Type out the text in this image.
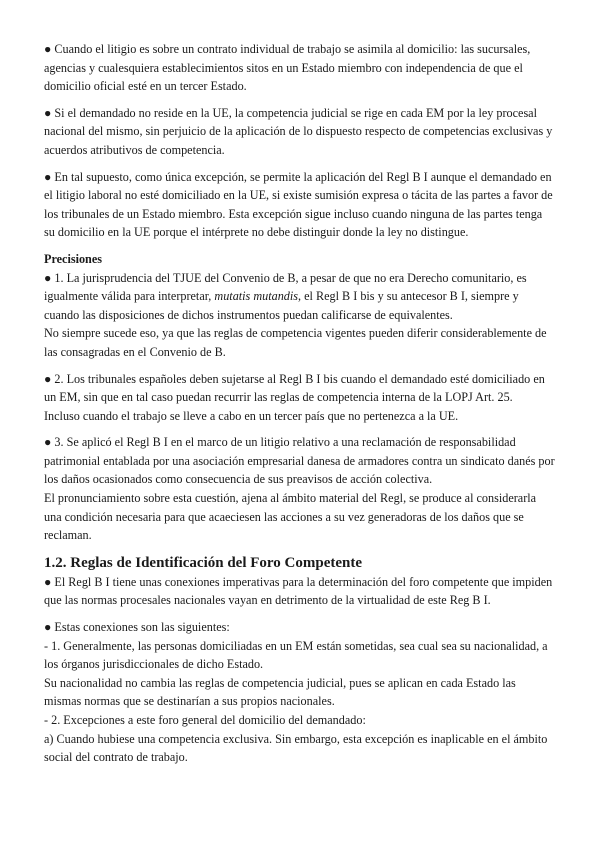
● Cuando el litigio es sobre un contrato individual de trabajo se asimila al domicilio: las sucursales, agencias y cualesquiera establecimientos sitos en un Estado miembro con independencia de que el domicilio oficial esté en un tercer Estado.

● Si el demandado no reside en la UE, la competencia judicial se rige en cada EM por la ley procesal nacional del mismo, sin perjuicio de la aplicación de lo dispuesto respecto de competencias exclusivas y acuerdos atributivos de competencia.

● En tal supuesto, como única excepción, se permite la aplicación del Regl B I aunque el demandado en el litigio laboral no esté domiciliado en la UE, si existe sumisión expresa o tácita de las partes a favor de los tribunales de un Estado miembro. Esta excepción sigue incluso cuando ninguna de las partes tenga su domicilio en la UE porque el intérprete no debe distinguir donde la ley no distingue.

Precisiones

● 1. La jurisprudencia del TJUE del Convenio de B, a pesar de que no era Derecho comunitario, es igualmente válida para interpretar, mutatis mutandis, el Regl B I bis y su antecesor B I, siempre y cuando las disposiciones de dichos instrumentos puedan calificarse de equivalentes.

No siempre sucede eso, ya que las reglas de competencia vigentes pueden diferir considerablemente de las consagradas en el Convenio de B.

● 2. Los tribunales españoles deben sujetarse al Regl B I bis cuando el demandado esté domiciliado en un EM, sin que en tal caso puedan recurrir las reglas de competencia interna de la LOPJ Art. 25.

Incluso cuando el trabajo se lleve a cabo en un tercer país que no pertenezca a la UE.

● 3. Se aplicó el Regl B I en el marco de un litigio relativo a una reclamación de responsabilidad patrimonial entablada por una asociación empresarial danesa de armadores contra un sindicato danés por los daños ocasionados como consecuencia de sus preavisos de acción colectiva.

El pronunciamiento sobre esta cuestión, ajena al ámbito material del Regl, se produce al considerarla una condición necesaria para que acaeciesen las acciones a su vez generadoras de los daños que se reclaman.

1.2. Reglas de Identificación del Foro Competente

● El Regl B I tiene unas conexiones imperativas para la determinación del foro competente que impiden que las normas procesales nacionales vayan en detrimento de la virtualidad de este Reg B I.

● Estas conexiones son las siguientes:

- 1. Generalmente, las personas domiciliadas en un EM están sometidas, sea cual sea su nacionalidad, a los órganos jurisdiccionales de dicho Estado.

Su nacionalidad no cambia las reglas de competencia judicial, pues se aplican en cada Estado las mismas normas que se destinarían a sus propios nacionales.

- 2. Excepciones a este foro general del domicilio del demandado:

a) Cuando hubiese una competencia exclusiva. Sin embargo, esta excepción es inaplicable en el ámbito social del contrato de trabajo.
